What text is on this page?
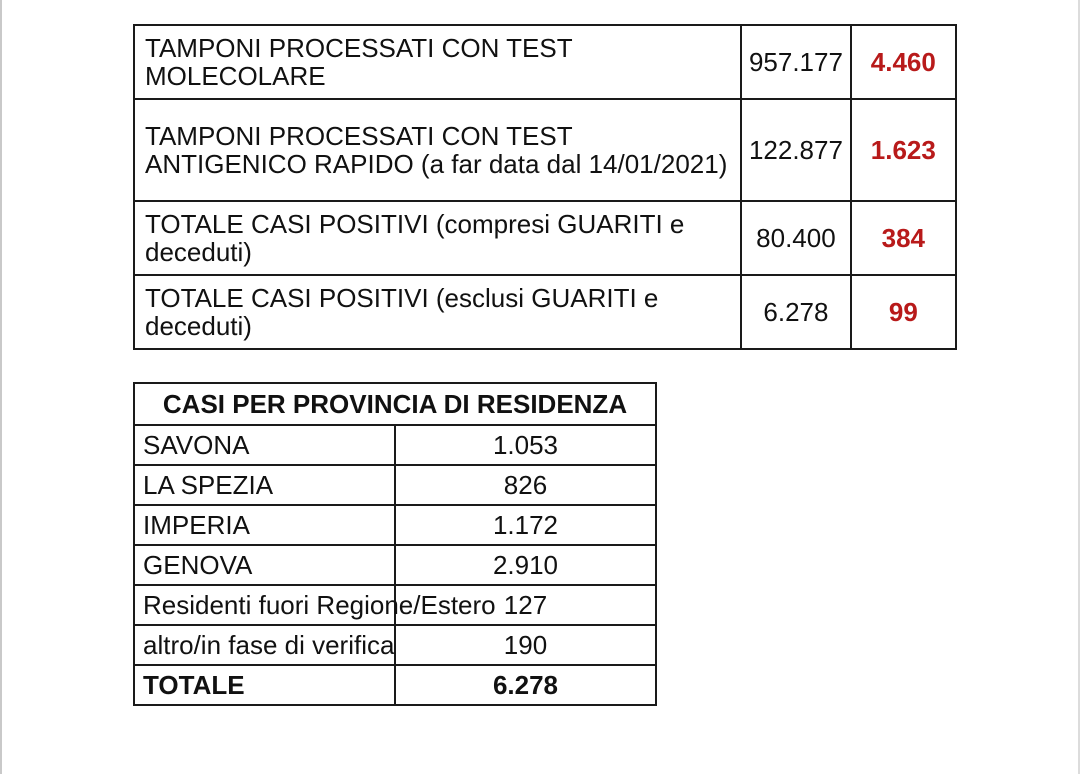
TAMPONI PROCESSATI CON TEST MOLECOLARE	957.177	4.460
TAMPONI PROCESSATI CON TEST ANTIGENICO RAPIDO (a far data dal 14/01/2021)	122.877	1.623
TOTALE CASI POSITIVI (compresi GUARITI e deceduti)	80.400	384
TOTALE CASI POSITIVI (esclusi GUARITI e deceduti)	6.278	99
CASI PER PROVINCIA DI RESIDENZA	
SAVONA	1.053
LA SPEZIA	826
IMPERIA	1.172
GENOVA	2.910
Residenti fuori Regione/Estero	127
altro/in fase di verifica	190
TOTALE	6.278
